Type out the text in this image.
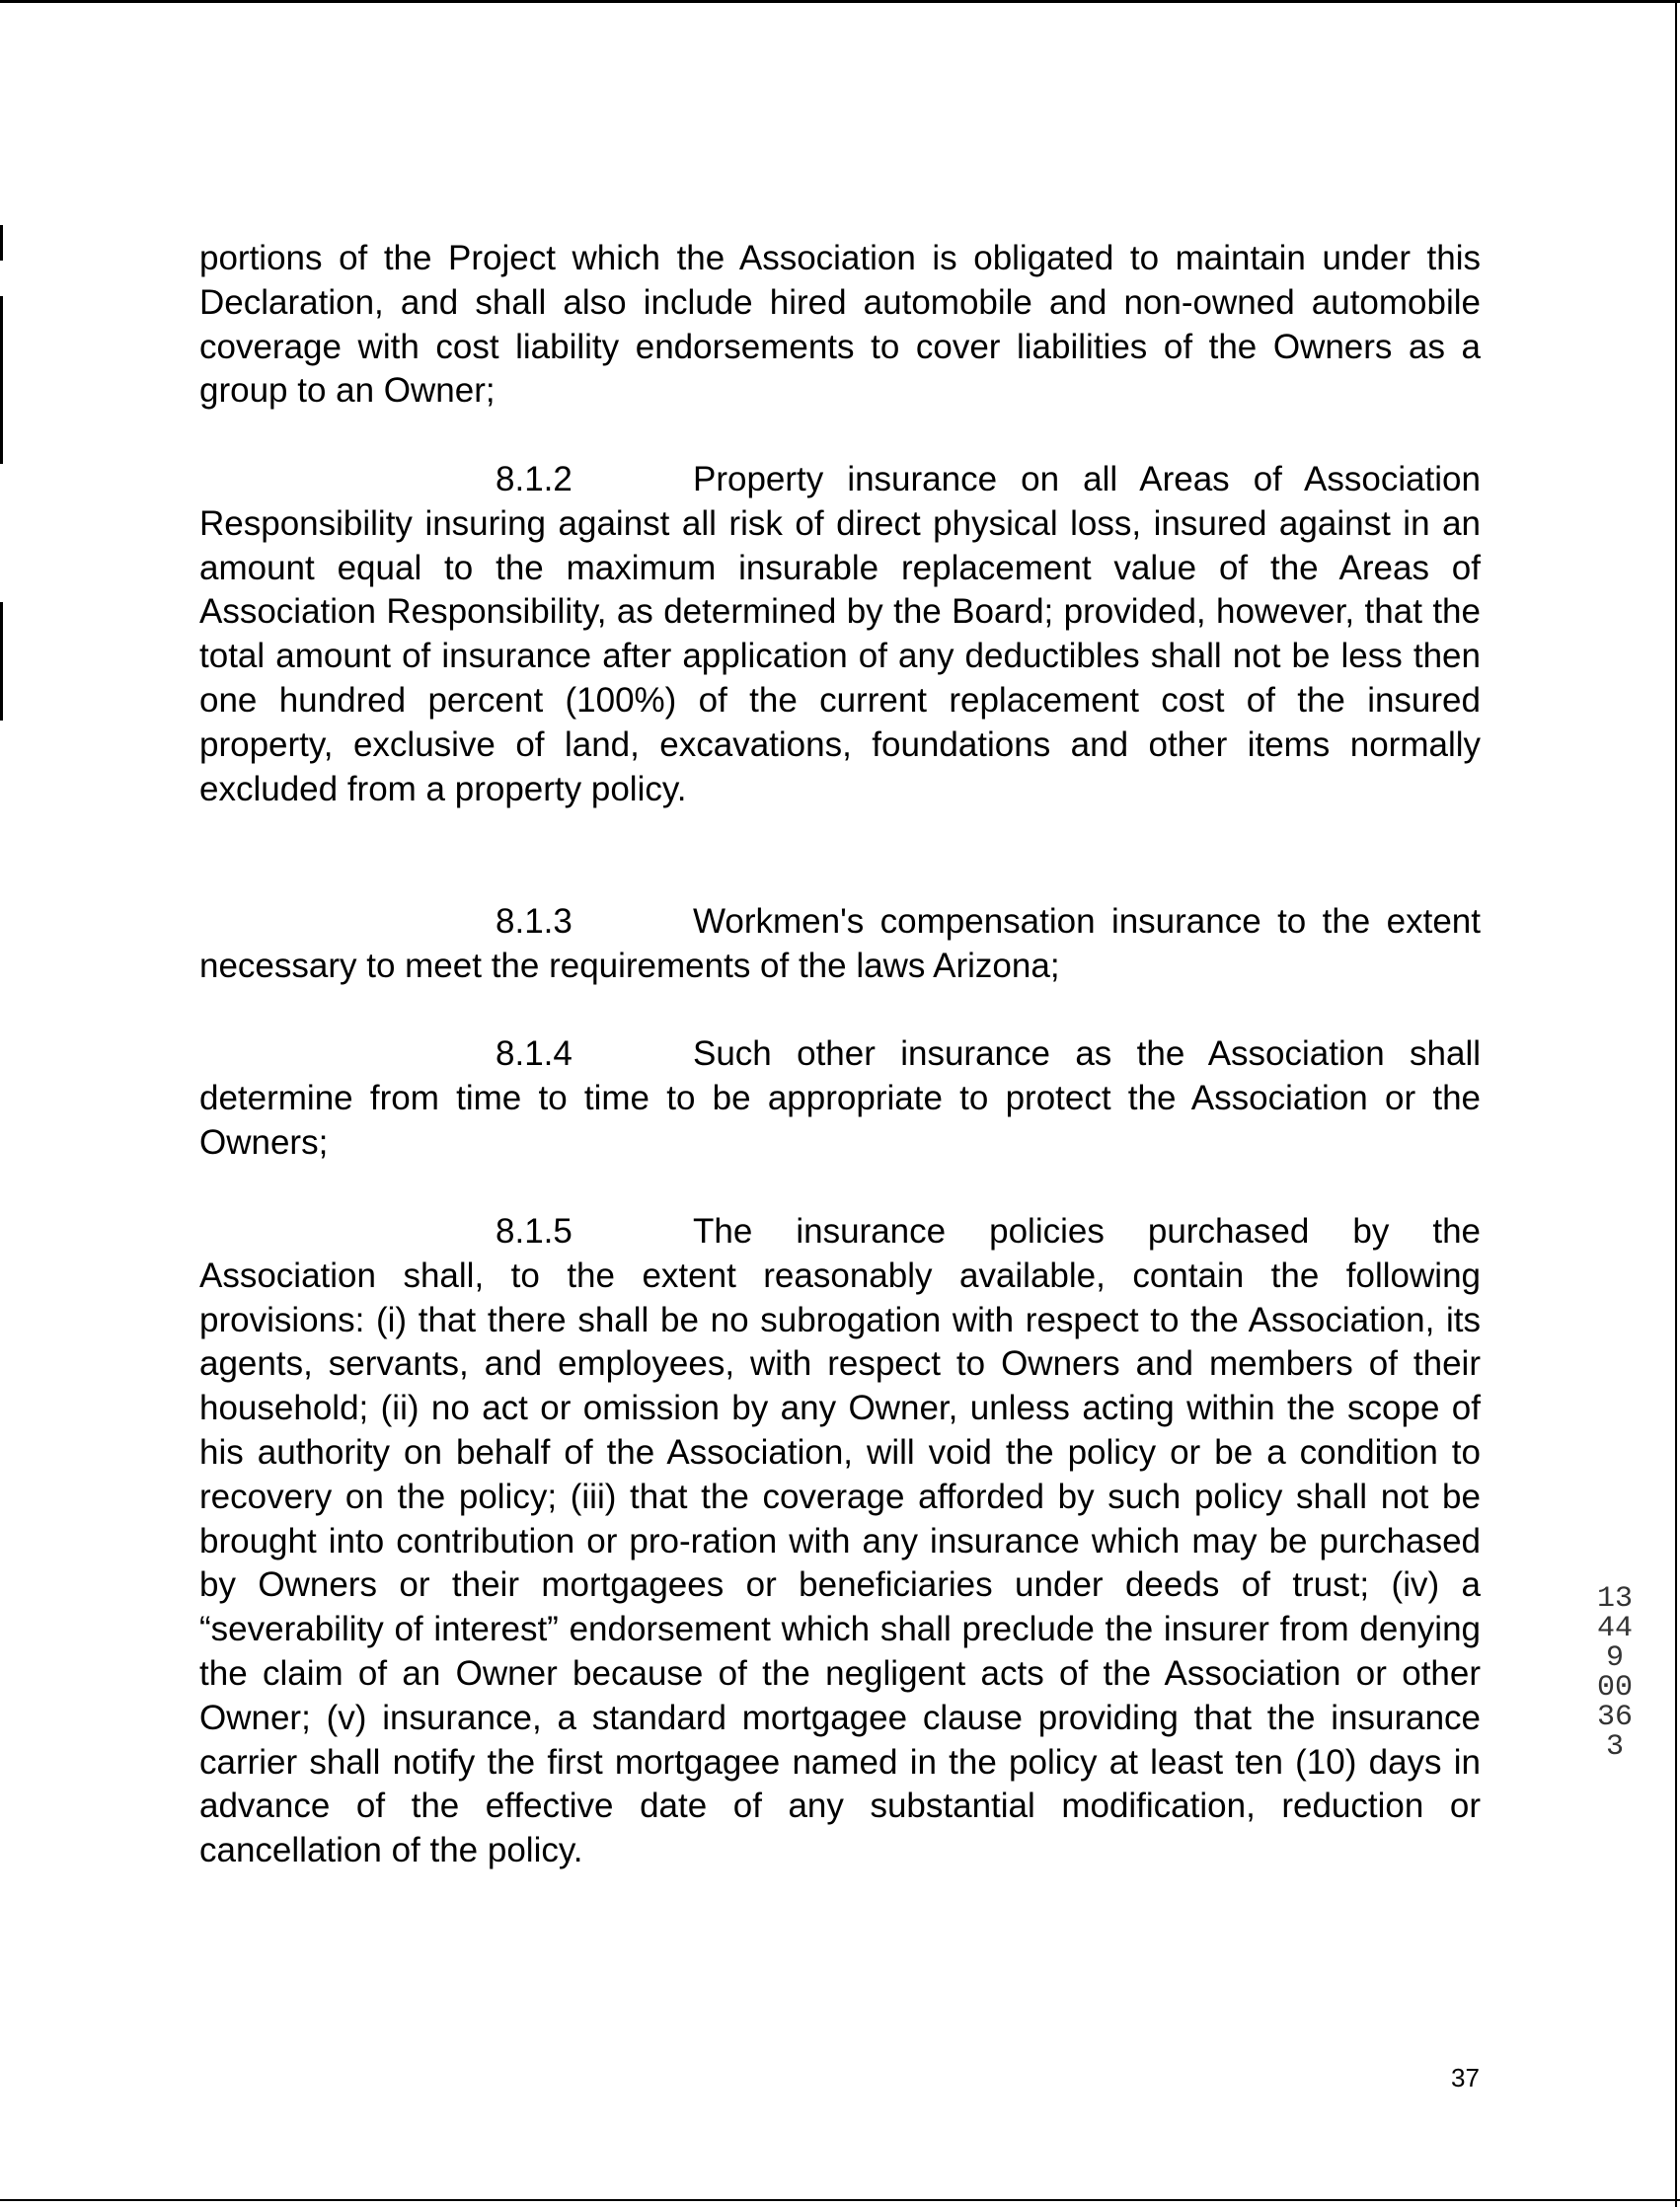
portions of the Project which the Association is obligated to maintain under this Declaration, and shall also include hired automobile and non-owned automobile coverage with cost liability endorsements to cover liabilities of the Owners as a group to an Owner;

8.1.2	Property insurance on all Areas of Association Responsibility insuring against all risk of direct physical loss, insured against in an amount equal to the maximum insurable replacement value of the Areas of Association Responsibility, as determined by the Board; provided, however, that the total amount of insurance after application of any deductibles shall not be less then one hundred percent (100%) of the current replacement cost of the insured property, exclusive of land, excavations, foundations and other items normally excluded from a property policy.

8.1.3	Workmen's compensation insurance to the extent necessary to meet the requirements of the laws Arizona;

8.1.4	Such other insurance as the Association shall determine from time to time to be appropriate to protect the Association or the Owners;

8.1.5	The insurance policies purchased by the Association shall, to the extent reasonably available, contain the following provisions: (i) that there shall be no subrogation with respect to the Association, its agents, servants, and employees, with respect to Owners and members of their household; (ii) no act or omission by any Owner, unless acting within the scope of his authority on behalf of the Association, will void the policy or be a condition to recovery on the policy; (iii) that the coverage afforded by such policy shall not be brought into contribution or pro-ration with any insurance which may be purchased by Owners or their mortgagees or beneficiaries under deeds of trust; (iv) a “severability of interest” endorsement which shall preclude the insurer from denying the claim of an Owner because of the negligent acts of the Association or other Owner; (v) insurance, a standard mortgagee clause providing that the insurance carrier shall notify the first mortgagee named in the policy at least ten (10) days in advance of the effective date of any substantial modification, reduction or cancellation of the policy.

13449 00363
37
